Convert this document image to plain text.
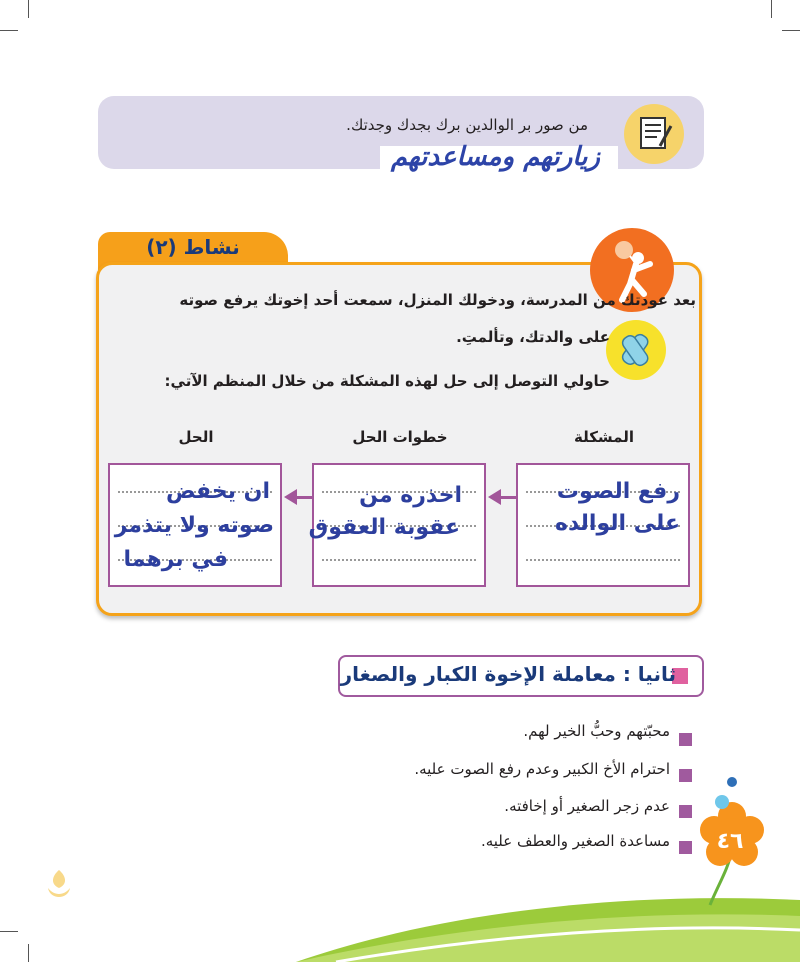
من صور بر الوالدين برك بجدك وجدتك.
زيارتهم ومساعدتهم
نشاط (٢)
بعد عودتك من المدرسة، ودخولك المنزل، سمعت أحد إخوتك يرفع صوته
على والدتك، وتألمتِ.
حاولي التوصل إلى حل لهذه المشكلة من خلال المنظم الآتي:
المشكلة
خطوات الحل
الحل
رفع الصوت
على الوالده
احذره من
عقوبة العقوق
ان يخفض
صوته ولا يتذمر
في برهما
ثانيا : معاملة الإخوة الكبار والصغار
محبّتهم وحبُّ الخير لهم.
احترام الأخ الكبير وعدم رفع الصوت عليه.
عدم زجر الصغير أو إخافته.
مساعدة الصغير والعطف عليه. ٤٦
